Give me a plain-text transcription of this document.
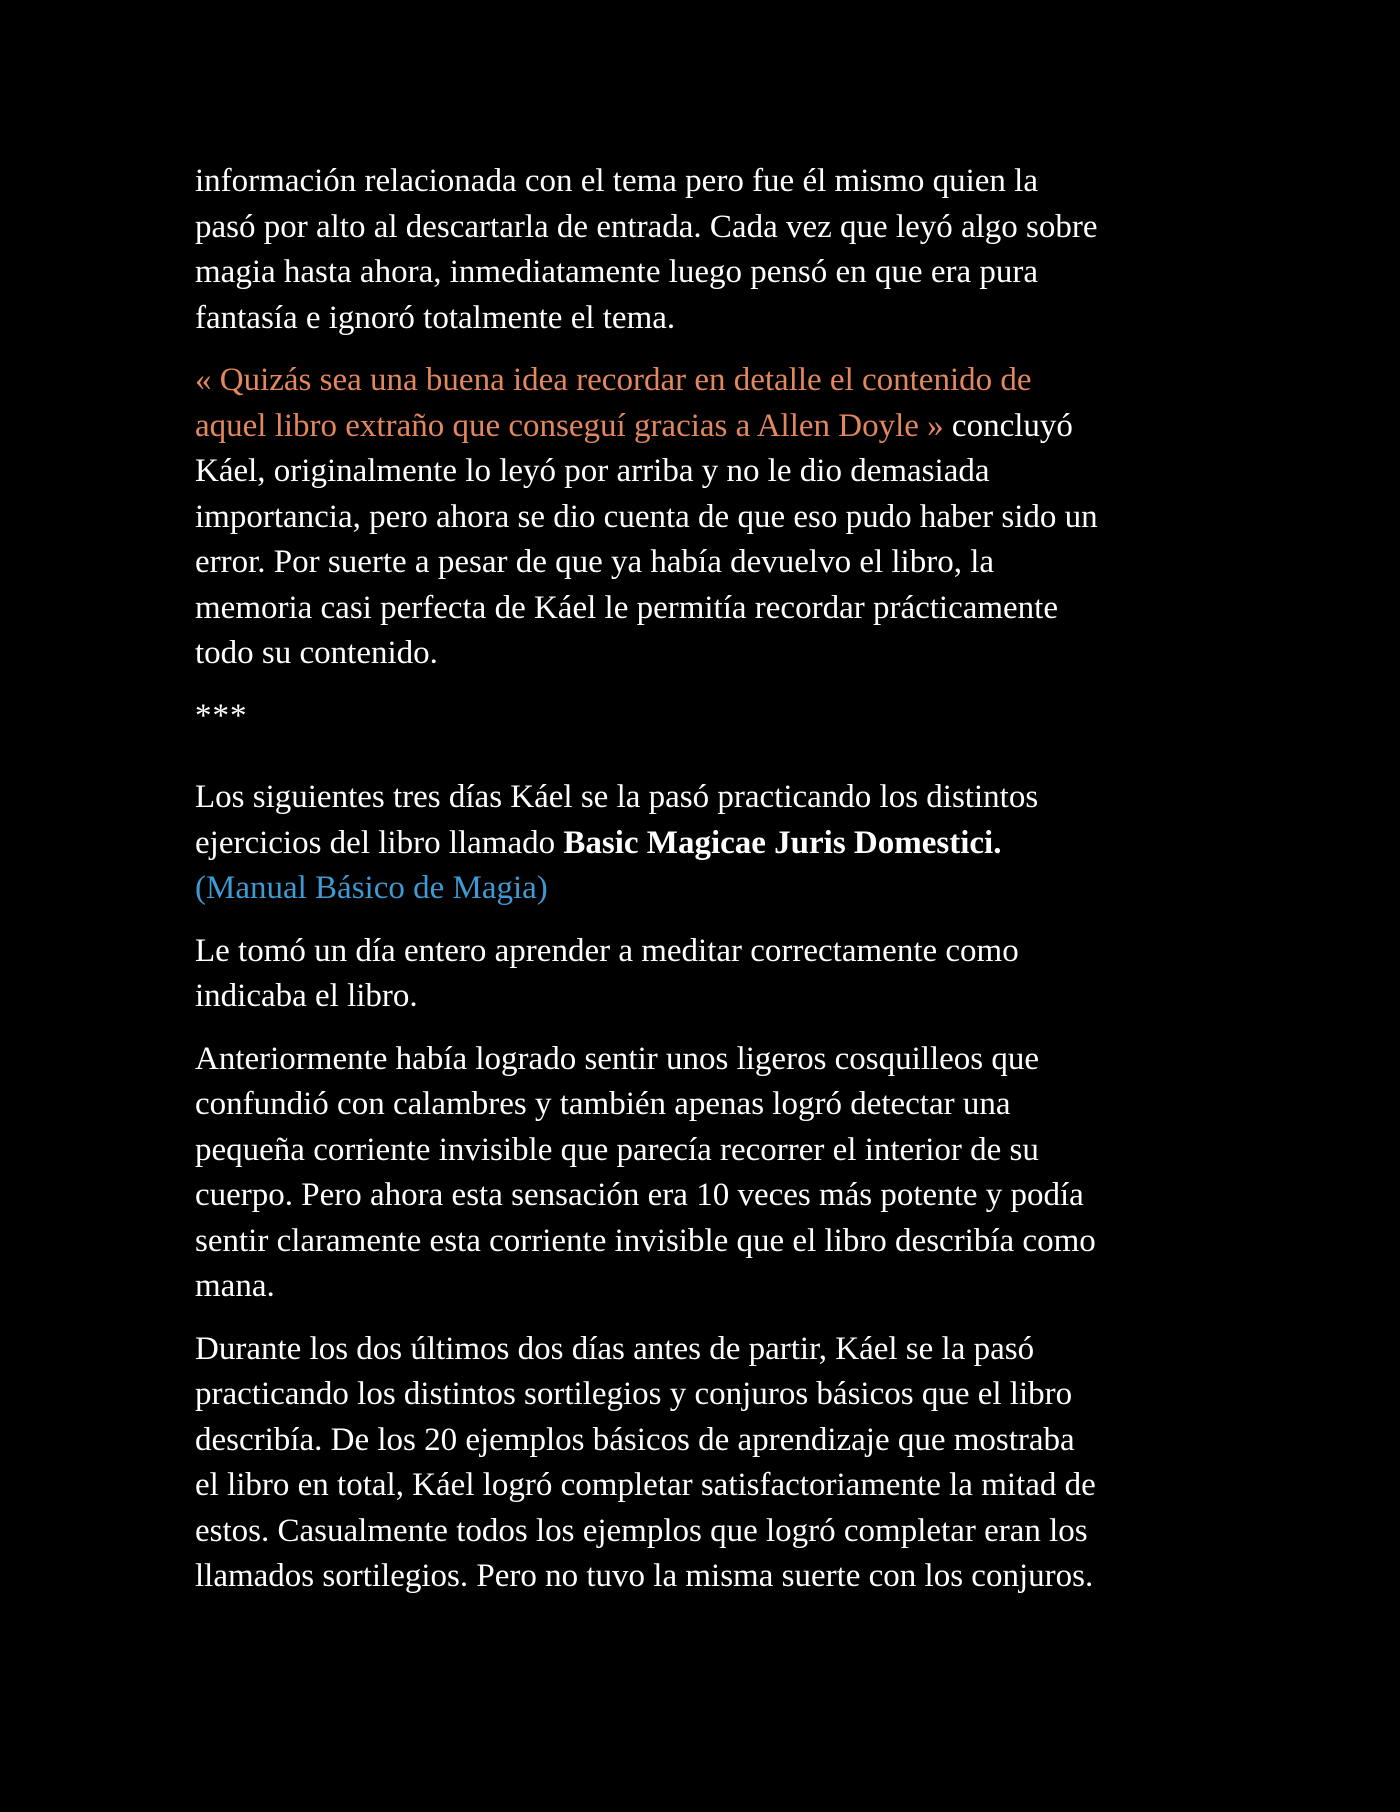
información relacionada con el tema pero fue él mismo quien la
pasó por alto al descartarla de entrada. Cada vez que leyó algo sobre
magia hasta ahora, inmediatamente luego pensó en que era pura
fantasía e ignoró totalmente el tema.

« Quizás sea una buena idea recordar en detalle el contenido de
aquel libro extraño que conseguí gracias a Allen Doyle » concluyó
Káel, originalmente lo leyó por arriba y no le dio demasiada
importancia, pero ahora se dio cuenta de que eso pudo haber sido un
error. Por suerte a pesar de que ya había devuelvo el libro, la
memoria casi perfecta de Káel le permitía recordar prácticamente
todo su contenido.

***

Los siguientes tres días Káel se la pasó practicando los distintos
ejercicios del libro llamado Basic Magicae Juris Domestici.
(Manual Básico de Magia)

Le tomó un día entero aprender a meditar correctamente como
indicaba el libro.

Anteriormente había logrado sentir unos ligeros cosquilleos que
confundió con calambres y también apenas logró detectar una
pequeña corriente invisible que parecía recorrer el interior de su
cuerpo. Pero ahora esta sensación era 10 veces más potente y podía
sentir claramente esta corriente invisible que el libro describía como
mana.

Durante los dos últimos dos días antes de partir, Káel se la pasó
practicando los distintos sortilegios y conjuros básicos que el libro
describía. De los 20 ejemplos básicos de aprendizaje que mostraba
el libro en total, Káel logró completar satisfactoriamente la mitad de
estos. Casualmente todos los ejemplos que logró completar eran los
llamados sortilegios. Pero no tuvo la misma suerte con los conjuros.
